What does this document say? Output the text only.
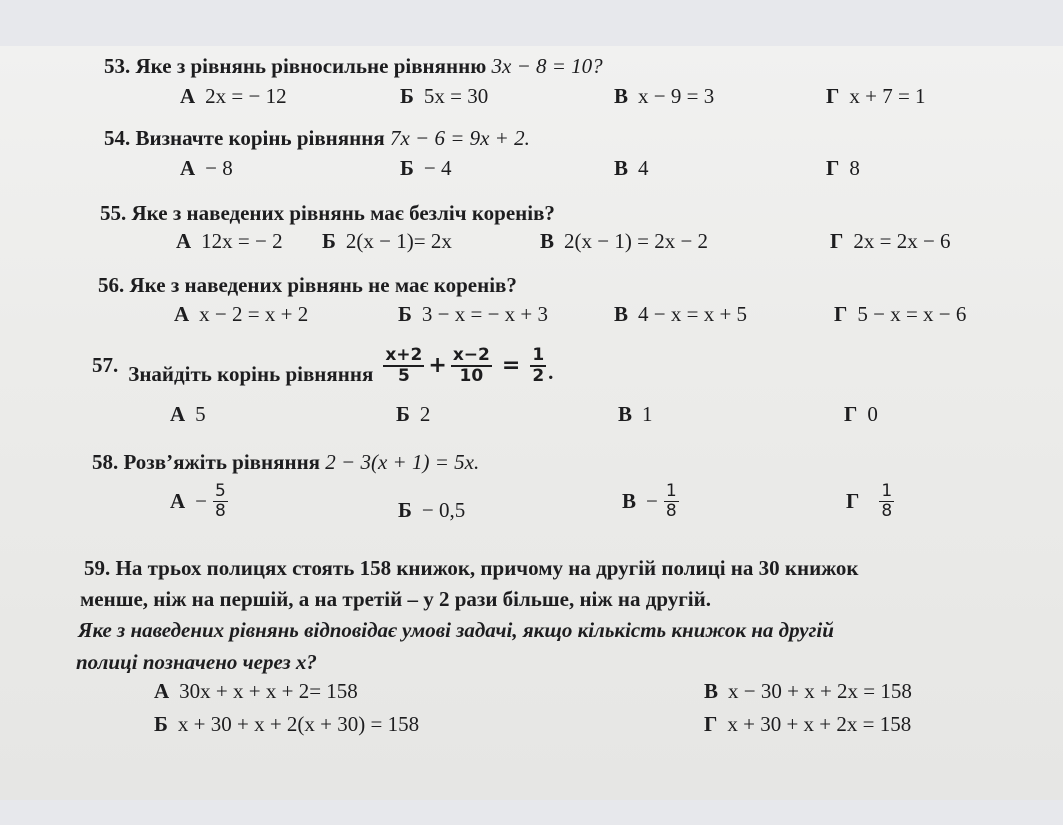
53. Яке з рівнянь рівносильне рівнянню 3x − 8 = 10?
А 2x = − 12	Б 5x = 30	В x − 9 = 3	Г x + 7 = 1
54. Визначте корінь рівняння 7x − 6 = 9x + 2.
А − 8	Б − 4	В 4	Г 8
55. Яке з наведених рівнянь має безліч коренів?
А 12x = − 2 Б 2(x − 1)= 2x	В 2(x − 1) = 2x − 2	Г 2x = 2x − 6
56. Яке з наведених рівнянь не має коренів?
А x − 2 = x + 2	Б 3 − x = − x + 3	В 4 − x = x + 5	Г 5 − x = x − 6
57. Знайдіть корінь рівняння $\frac{x+2}{5} + \frac{x-2}{10} = \frac{1}{2}$ .
А 5	Б 2	В 1	Г 0
58. Розв’яжіть рівняння 2 − 3(x + 1) = 5x.
$А - \frac{5}{8}$	Б − 0,5	$В - \frac{1}{8}$	Г $\frac{1}{8}$
59. На трьох полицях стоять 158 книжок, причому на другій полиці на 30 книжок
менше, ніж на першій, а на третій – у 2 рази більше, ніж на другій.
Яке з наведених рівнянь відповідає умові задачі, якщо кількість книжок на другій
полиці позначено через x?
А 30x + x + x + 2= 158	В x − 30 + x + 2x = 158
Б x + 30 + x + 2(x + 30) = 158	Г x + 30 + x + 2x = 158
